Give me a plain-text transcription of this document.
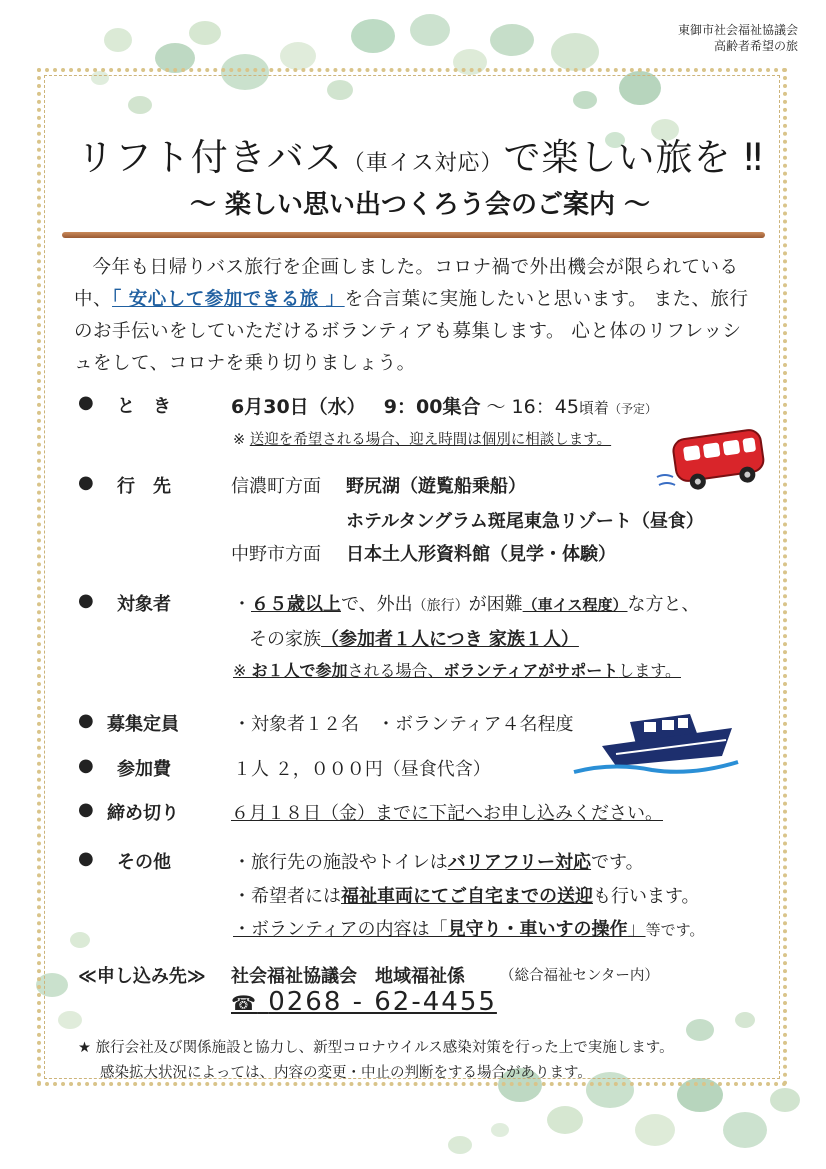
東御市社会福祉協議会
高齢者希望の旅
リフト付きバス（車イス対応）で楽しい旅を ‼
～ 楽しい思い出つくろう会のご案内 ～

今年も日帰りバス旅行を企画しました。コロナ禍で外出機会が限られている

中、「 安心して参加できる旅 」を合言葉に実施したいと思います。 また、旅行

のお手伝いをしていただけるボランティアも募集します。 心と体のリフレッシ

ュをして、コロナを乗り切りましょう。

● と　き	6月30日（水） 9：00集合 ～ 16：45頃着（予定）
※ 送迎を希望される場合、迎え時間は個別に相談します。
● 行　先	信濃町方面 野尻湖（遊覧船乗船）
ホテルタングラム斑尾東急リゾート（昼食）
中野市方面 日本土人形資料館（見学・体験）
● 対象者	・６５歳以上で、外出（旅行）が困難（車イス程度）な方と、
その家族（参加者１人につき 家族１人）
※ お１人で参加される場合、ボランティアがサポートします。
● 募集定員	・対象者１２名　・ボランティア４名程度
● 参加費	１人 ２，０００円（昼食代含）
● 締め切り	６月１８日（金）までに下記へお申し込みください。
● その他	・旅行先の施設やトイレはバリアフリー対応です。
・希望者には福祉車両にてご自宅までの送迎も行います。
・ボランティアの内容は「見守り・車いすの操作」等です。
≪申し込み先≫ 社会福祉協議会　地域福祉係 （総合福祉センター内）
☎ 0268 - 62-4455
★ 旅行会社及び関係施設と協力し、新型コロナウイルス感染対策を行った上で実施します。
感染拡大状況によっては、内容の変更・中止の判断をする場合があります。
